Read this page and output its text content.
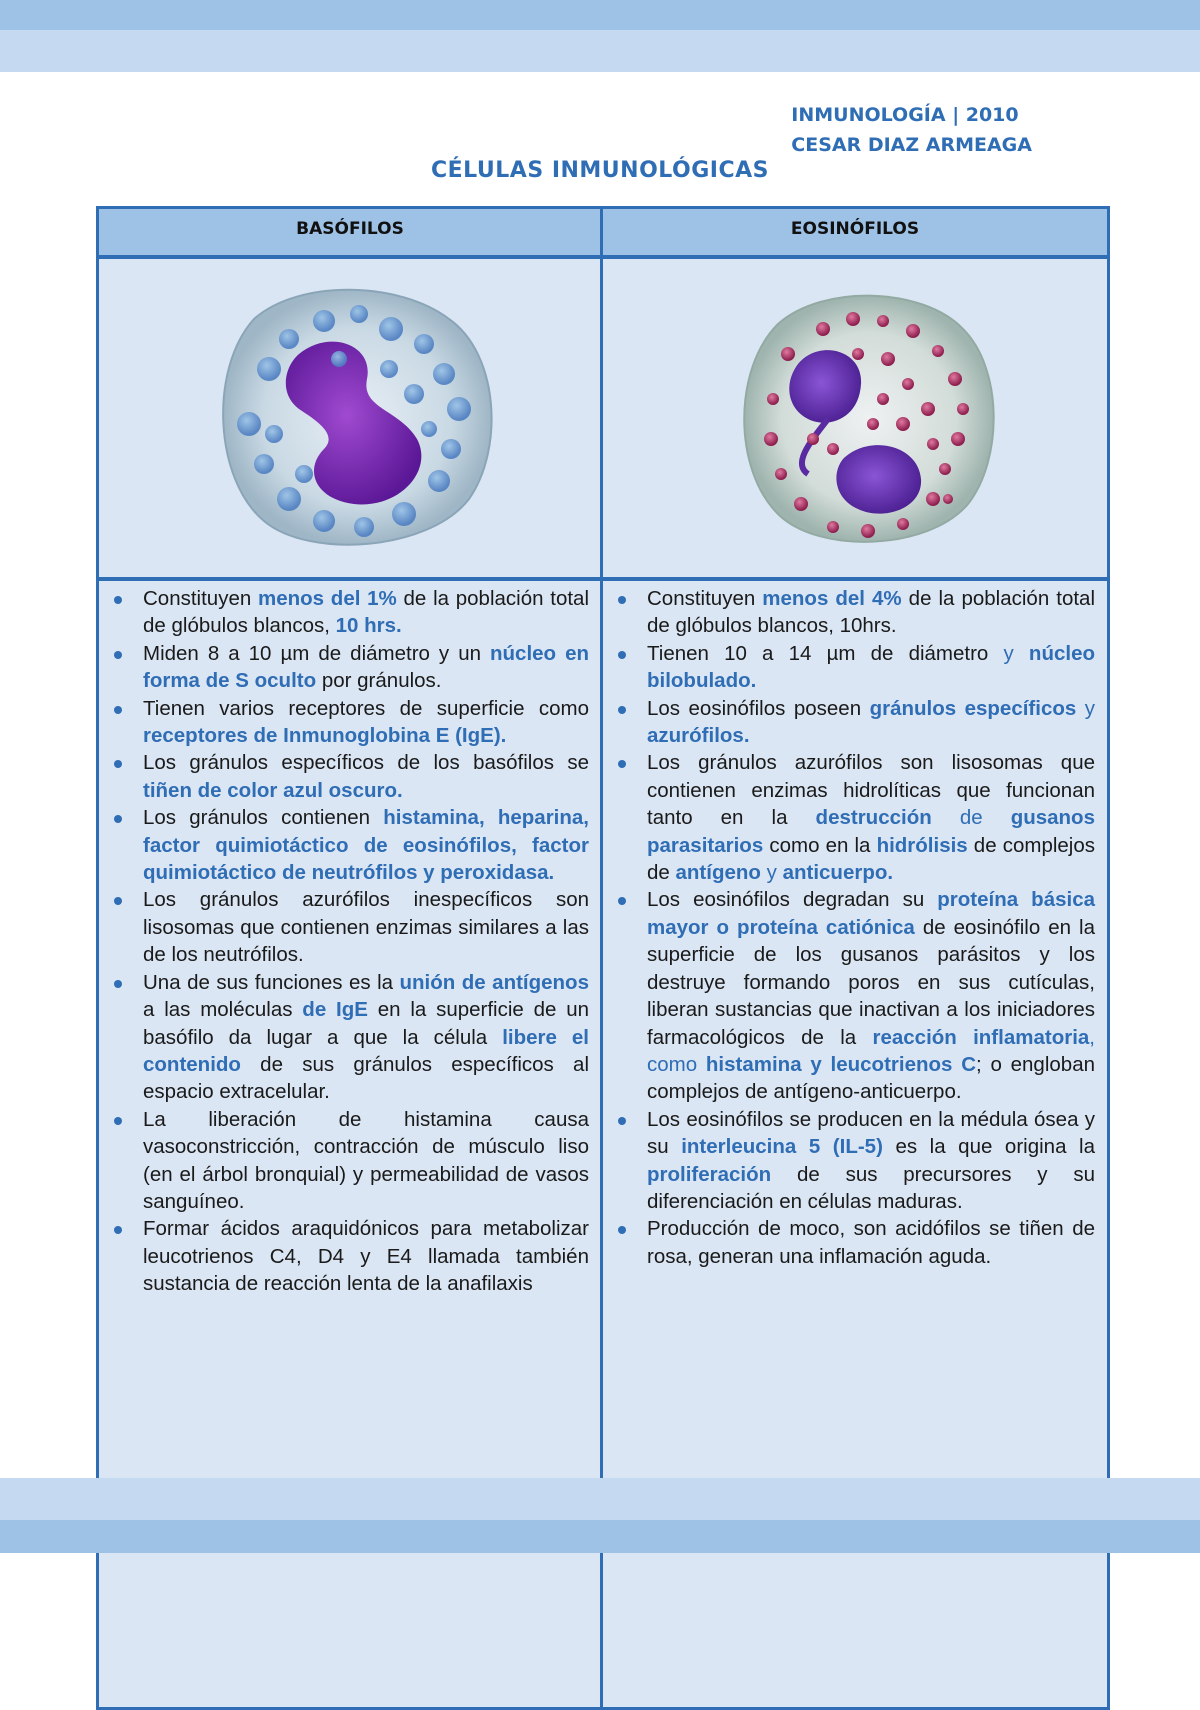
INMUNOLOGÍA | 2010
CESAR DIAZ ARMEAGA
CÉLULAS INMUNOLÓGICAS
BASÓFILOS	EOSINÓFILOS
Constituyen menos del 1% de la población total de glóbulos blancos, 10 hrs.
Miden 8 a 10 µm de diámetro y un núcleo en forma de S oculto por gránulos.
Tienen varios receptores de superficie como receptores de Inmunoglobina E (IgE).
Los gránulos específicos de los basófilos se tiñen de color azul oscuro.
Los gránulos contienen histamina, heparina, factor quimiotáctico de eosinófilos, factor quimiotáctico de neutrófilos y peroxidasa.
Los gránulos azurófilos inespecíficos son lisosomas que contienen enzimas similares a las de los neutrófilos.
Una de sus funciones es la unión de antígenos a las moléculas de IgE en la superficie de un basófilo da lugar a que la célula libere el contenido de sus gránulos específicos al espacio extracelular.
La liberación de histamina causa vasoconstricción, contracción de músculo liso (en el árbol bronquial) y permeabilidad de vasos sanguíneo.
Formar ácidos araquidónicos para metabolizar leucotrienos C4, D4 y E4 llamada también sustancia de reacción lenta de la anafilaxis
Constituyen menos del 4% de la población total de glóbulos blancos, 10hrs.
Tienen 10 a 14 µm de diámetro y núcleo bilobulado.
Los eosinófilos poseen gránulos específicos y azurófilos.
Los gránulos azurófilos son lisosomas que contienen enzimas hidrolíticas que funcionan tanto en la destrucción de gusanos parasitarios como en la hidrólisis de complejos de antígeno y anticuerpo.
Los eosinófilos degradan su proteína básica mayor o proteína catiónica de eosinófilo en la superficie de los gusanos parásitos y los destruye formando poros en sus cutículas, liberan sustancias que inactivan a los iniciadores farmacológicos de la reacción inflamatoria, como histamina y leucotrienos C; o engloban complejos de antígeno-anticuerpo.
Los eosinófilos se producen en la médula ósea y su interleucina 5 (IL-5) es la que origina la proliferación de sus precursores y su diferenciación en células maduras.
Producción de moco, son acidófilos se tiñen de rosa, generan una inflamación aguda.
